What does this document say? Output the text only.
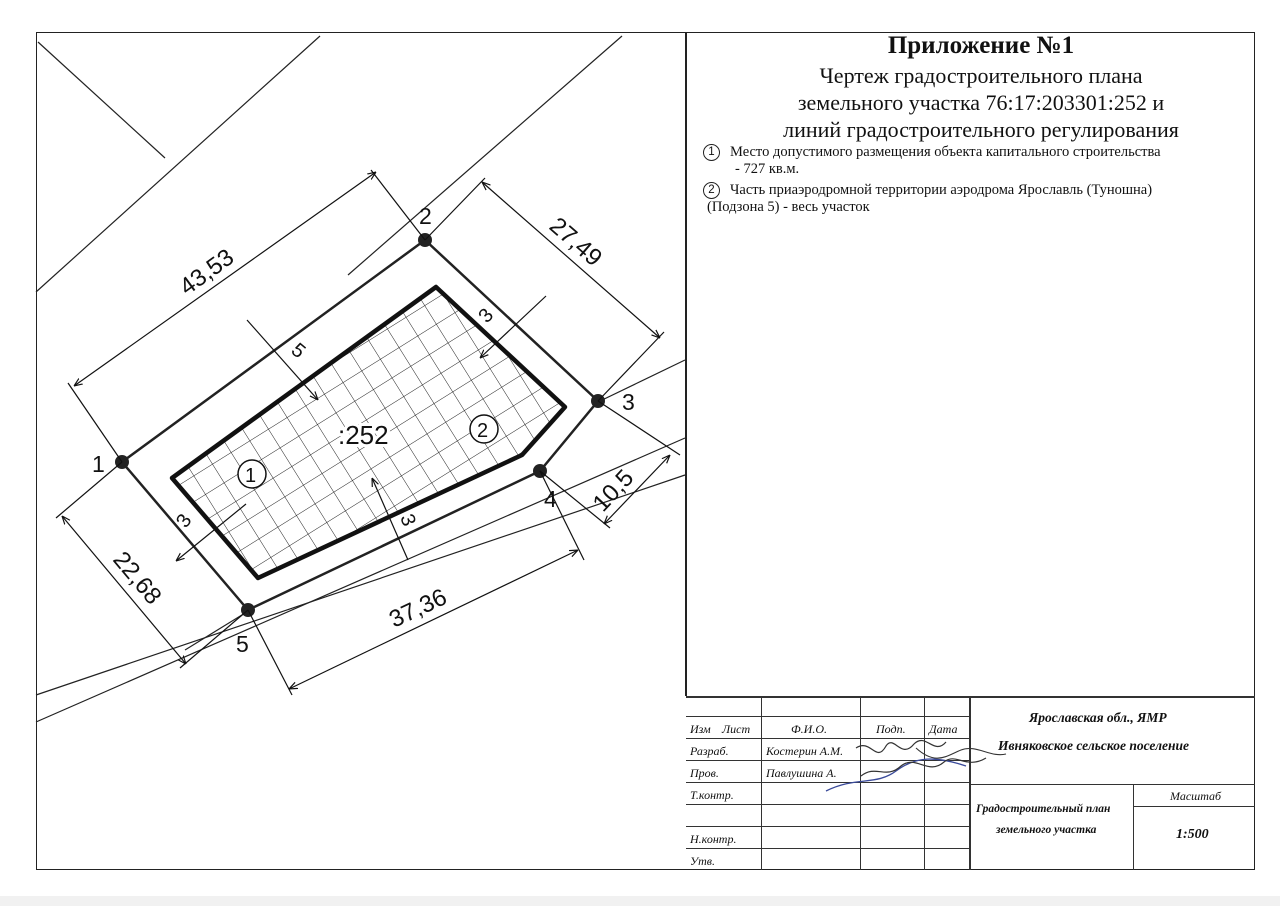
1
2
3
4
5
43,53
27,49
10,5
37,36
22,68
5
3
3
3
:252
1
2
Приложение №1
Чертеж градостроительного плана
земельного участка 76:17:203301:252 и
линий градостроительного регулирования
1 Место допустимого размещения объекта капитального строительства
- 727 кв.м.
2 Часть приаэродромной территории аэродрома Ярославль (Туношна)
(Подзона 5) - весь участок
Изм Лист	Ф.И.О.	Подп. Дата
Разраб.	Костерин А.М.
Пров.	Павлушина А.
Т.контр.
Н.контр.
Утв.
Ярославская обл., ЯМР
Ивняковское сельское поселение
Градостроительный план
земельного участка
Масштаб
1:500
